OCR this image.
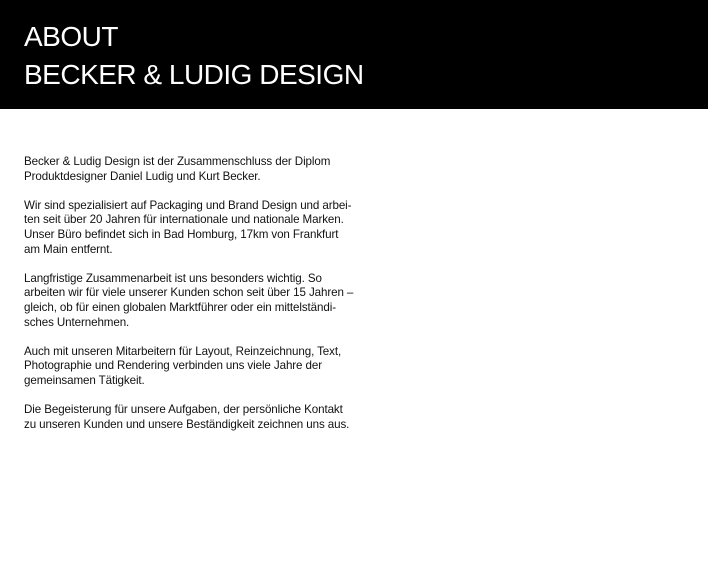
ABOUT
BECKER & LUDIG DESIGN

Becker & Ludig Design ist der Zusammenschluss der Diplom
Produktdesigner Daniel Ludig und Kurt Becker.

Wir sind spezialisiert auf Packaging und Brand Design und arbei-
ten seit über 20 Jahren für internationale und nationale Marken.
Unser Büro befindet sich in Bad Homburg, 17km von Frankfurt
am Main entfernt.

Langfristige Zusammenarbeit ist uns besonders wichtig. So
arbeiten wir für viele unserer Kunden schon seit über 15 Jahren –
gleich, ob für einen globalen Marktführer oder ein mittelständi-
sches Unternehmen.

Auch mit unseren Mitarbeitern für Layout, Reinzeichnung, Text,
Photographie und Rendering verbinden uns viele Jahre der
gemeinsamen Tätigkeit.

Die Begeisterung für unsere Aufgaben, der persönliche Kontakt
zu unseren Kunden und unsere Beständigkeit zeichnen uns aus.
